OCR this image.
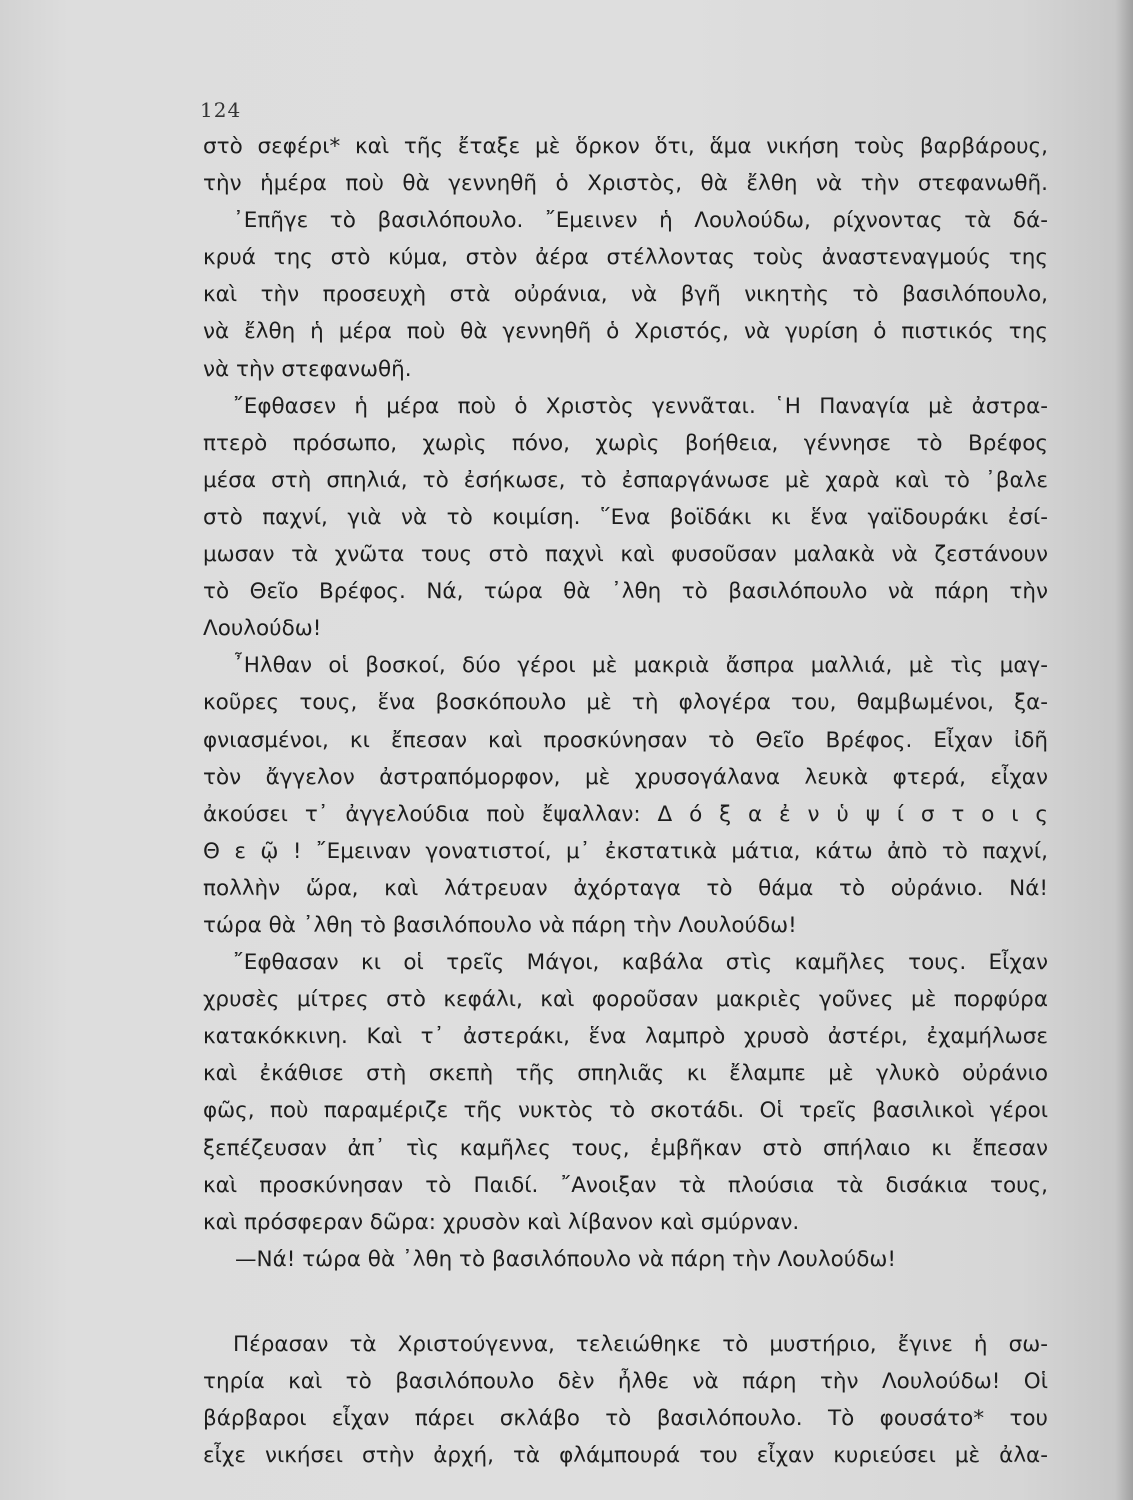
124
στὸ σεφέρι* καὶ τῆς ἔταξε μὲ ὅρκον ὅτι, ἅμα νικήση τοὺς βαρβάρους,
τὴν ἡμέρα ποὺ θὰ γεννηθῆ ὁ Χριστὸς, θὰ ἔλθη νὰ τὴν στεφανωθῆ.
᾿Επῆγε τὸ βασιλόπουλο. ῎Εμεινεν ἡ Λουλούδω, ρίχνοντας τὰ δά-
κρυά της στὸ κύμα, στὸν ἀέρα στέλλοντας τοὺς ἀναστεναγμούς της
καὶ τὴν προσευχὴ στὰ οὐράνια, νὰ βγῆ νικητὴς τὸ βασιλόπουλο,
νὰ ἔλθη ἡ μέρα ποὺ θὰ γεννηθῆ ὁ Χριστός, νὰ γυρίση ὁ πιστικός της
νὰ τὴν στεφανωθῆ.
῎Εφθασεν ἡ μέρα ποὺ ὁ Χριστὸς γεννᾶται. ῾Η Παναγία μὲ ἀστρα-
πτερὸ πρόσωπο, χωρὶς πόνο, χωρὶς βοήθεια, γέννησε τὸ Βρέφος
μέσα στὴ σπηλιά, τὸ ἐσήκωσε, τὸ ἐσπαργάνωσε μὲ χαρὰ καὶ τὸ ᾿βαλε
στὸ παχνί, γιὰ νὰ τὸ κοιμίση. ῞Ενα βοϊδάκι κι ἕνα γαϊδουράκι ἐσί-
μωσαν τὰ χνῶτα τους στὸ παχνὶ καὶ φυσοῦσαν μαλακὰ νὰ ζεστάνουν
τὸ Θεῖο Βρέφος. Νά, τώρα θὰ ᾿λθη τὸ βασιλόπουλο νὰ πάρη τὴν
Λουλούδω!
῏Ηλθαν οἱ βοσκοί, δύο γέροι μὲ μακριὰ ἄσπρα μαλλιά, μὲ τὶς μαγ-
κοῦρες τους, ἕνα βοσκόπουλο μὲ τὴ φλογέρα του, θαμβωμένοι, ξα-
φνιασμένοι, κι ἔπεσαν καὶ προσκύνησαν τὸ Θεῖο Βρέφος. Εἶχαν ἰδῆ
τὸν ἄγγελον ἀστραπόμορφον, μὲ χρυσογάλανα λευκὰ φτερά, εἶχαν
ἀκούσει τ᾿ ἀγγελούδια ποὺ ἔψαλλαν: Δ ό ξ α ἐ ν ὑ ψ ί σ τ ο ι ς
Θ ε ῷ ! ῎Εμειναν γονατιστοί, μ᾿ ἐκστατικὰ μάτια, κάτω ἀπὸ τὸ παχνί,
πολλὴν ὥρα, καὶ λάτρευαν ἀχόρταγα τὸ θάμα τὸ οὐράνιο. Νά!
τώρα θὰ ᾿λθη τὸ βασιλόπουλο νὰ πάρη τὴν Λουλούδω!
῎Εφθασαν κι οἱ τρεῖς Μάγοι, καβάλα στὶς καμῆλες τους. Εἶχαν
χρυσὲς μίτρες στὸ κεφάλι, καὶ φοροῦσαν μακριὲς γοῦνες μὲ πορφύρα
κατακόκκινη. Καὶ τ᾿ ἀστεράκι, ἕνα λαμπρὸ χρυσὸ ἀστέρι, ἐχαμήλωσε
καὶ ἐκάθισε στὴ σκεπὴ τῆς σπηλιᾶς κι ἔλαμπε μὲ γλυκὸ οὐράνιο
φῶς, ποὺ παραμέριζε τῆς νυκτὸς τὸ σκοτάδι. Οἱ τρεῖς βασιλικοὶ γέροι
ξεπέζευσαν ἀπ᾿ τὶς καμῆλες τους, ἐμβῆκαν στὸ σπήλαιο κι ἔπεσαν
καὶ προσκύνησαν τὸ Παιδί. ῎Ανοιξαν τὰ πλούσια τὰ δισάκια τους,
καὶ πρόσφεραν δῶρα: χρυσὸν καὶ λίβανον καὶ σμύρναν.
—Νά! τώρα θὰ ᾿λθη τὸ βασιλόπουλο νὰ πάρη τὴν Λουλούδω!
Πέρασαν τὰ Χριστούγεννα, τελειώθηκε τὸ μυστήριο, ἔγινε ἡ σω-
τηρία καὶ τὸ βασιλόπουλο δὲν ἦλθε νὰ πάρη τὴν Λουλούδω! Οἱ
βάρβαροι εἶχαν πάρει σκλάβο τὸ βασιλόπουλο. Τὸ φουσάτο* του
εἶχε νικήσει στὴν ἀρχή, τὰ φλάμπουρά του εἶχαν κυριεύσει μὲ ἀλα-
